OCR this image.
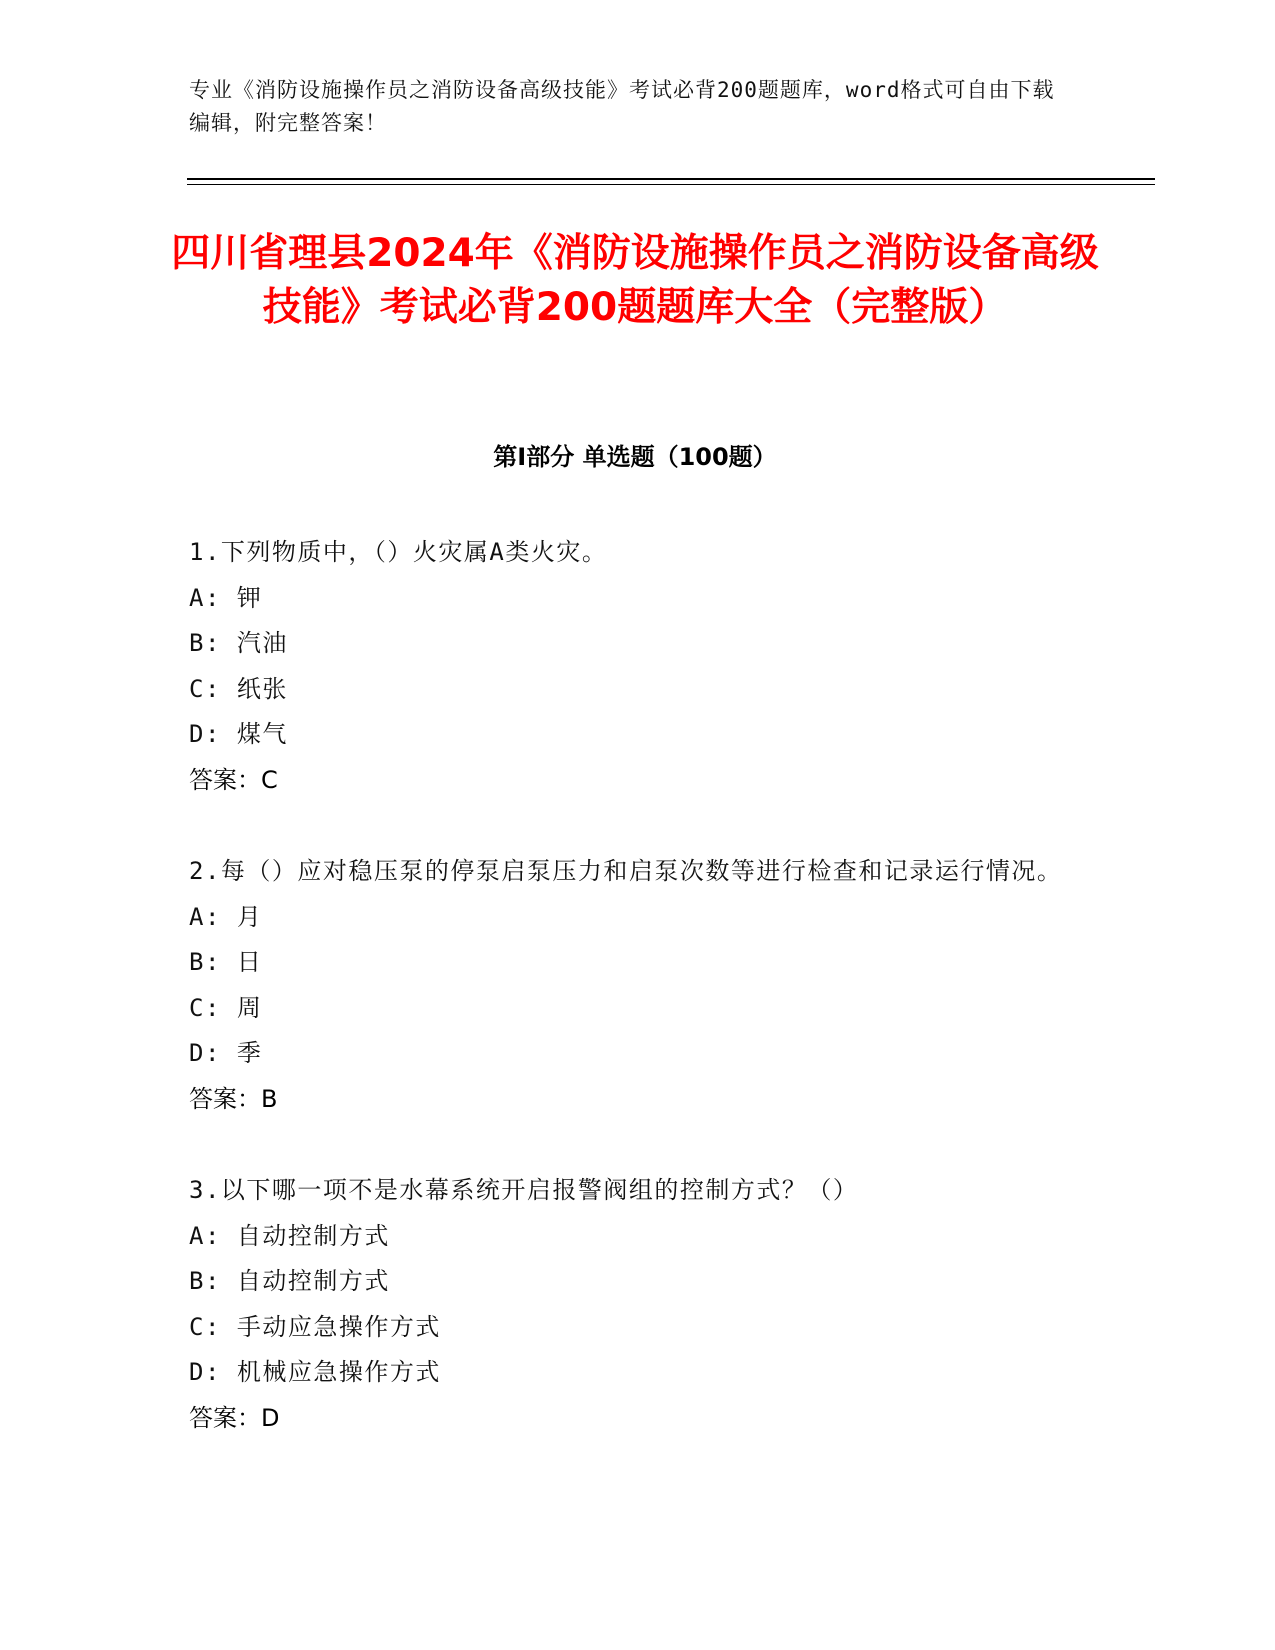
专业《消防设施操作员之消防设备高级技能》考试必背200题题库，word格式可自由下载编辑，附完整答案！
四川省理县2024年《消防设施操作员之消防设备高级技能》考试必背200题题库大全（完整版）
第Ⅰ部分 单选题（100题）
1.下列物质中，（）火灾属A类火灾。
A: 钾
B: 汽油
C: 纸张
D: 煤气
答案：C
2.每（）应对稳压泵的停泵启泵压力和启泵次数等进行检查和记录运行情况。
A: 月
B: 日
C: 周
D: 季
答案：B
3.以下哪一项不是水幕系统开启报警阀组的控制方式？（）
A: 自动控制方式
B: 自动控制方式
C: 手动应急操作方式
D: 机械应急操作方式
答案：D
